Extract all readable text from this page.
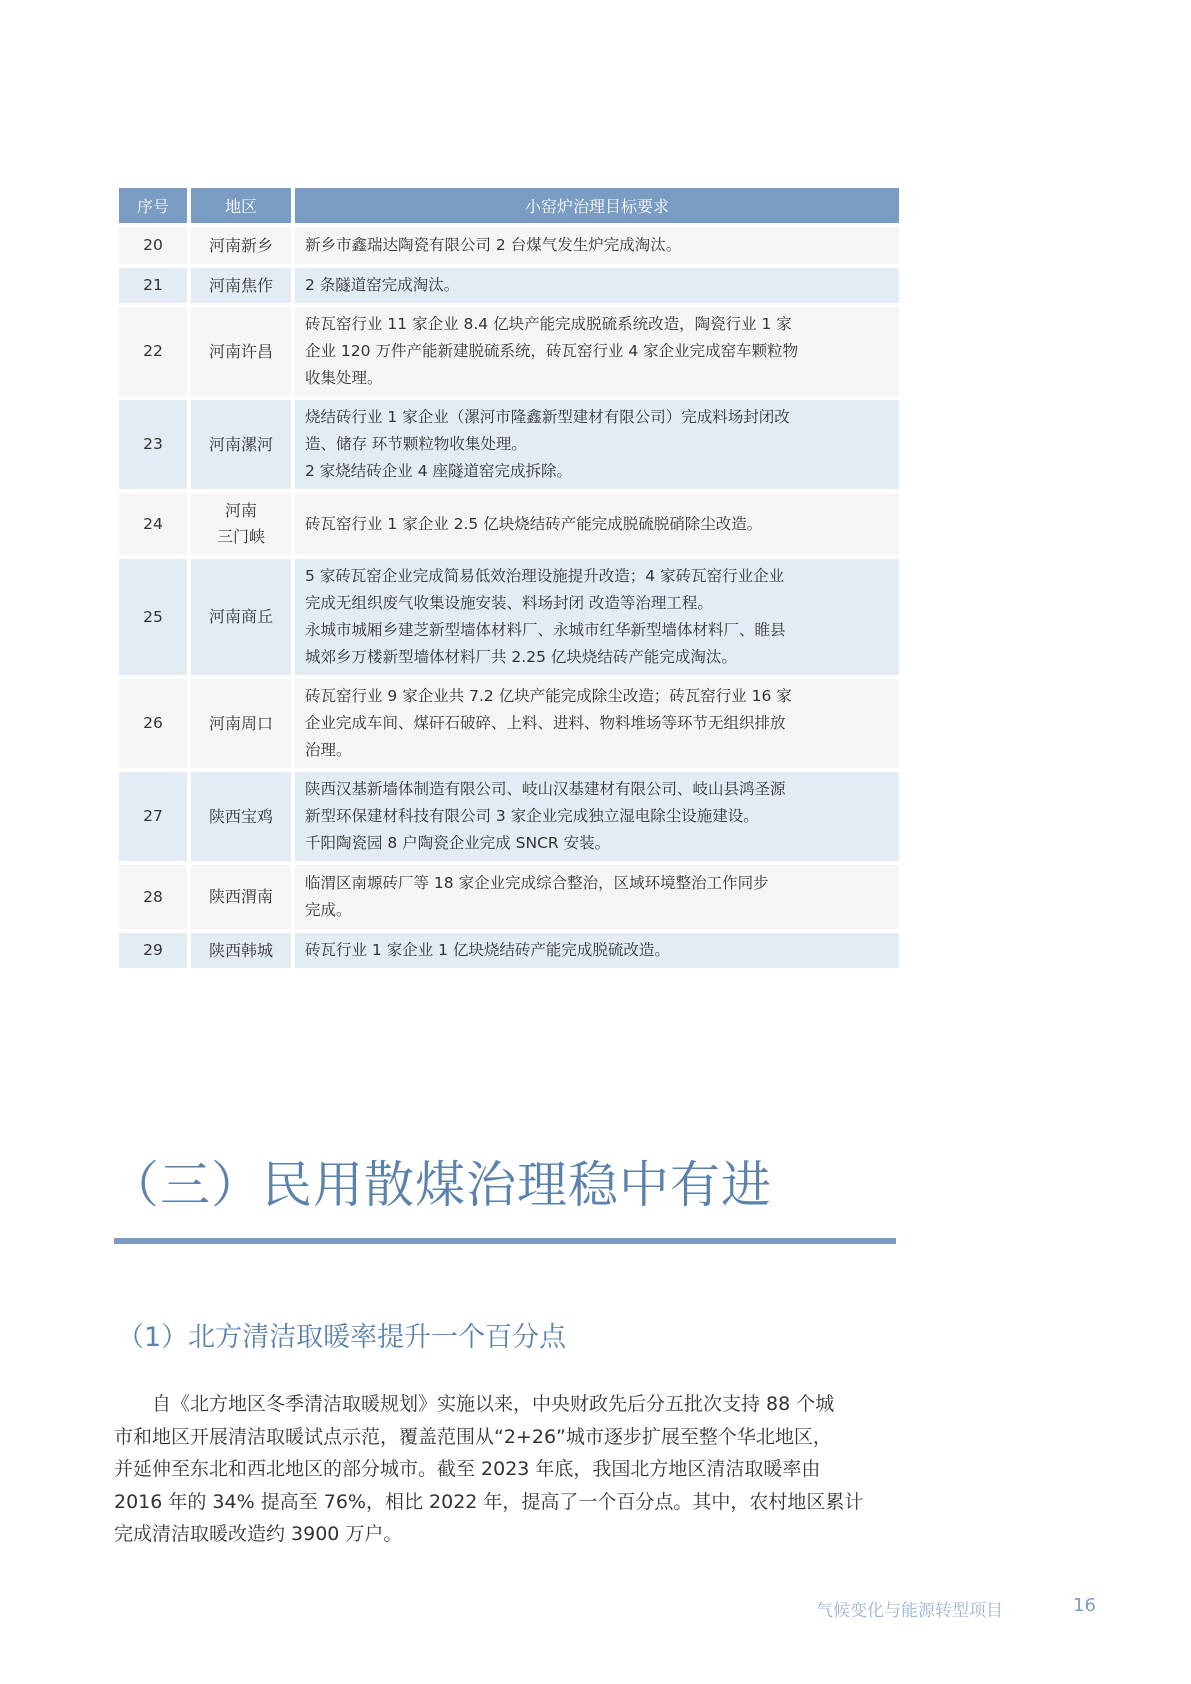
序号	地区	小窑炉治理目标要求
20	河南新乡	新乡市鑫瑞达陶瓷有限公司 2 台煤气发生炉完成淘汰。

21	河南焦作	2 条隧道窑完成淘汰。

22	河南许昌	砖瓦窑行业 11 家企业 8.4 亿块产能完成脱硫系统改造，陶瓷行业 1 家
企业 120 万件产能新建脱硫系统，砖瓦窑行业 4 家企业完成窑车颗粒物
收集处理。

23	河南漯河	烧结砖行业 1 家企业（漯河市隆鑫新型建材有限公司）完成料场封闭改
造、储存 环节颗粒物收集处理。
2 家烧结砖企业 4 座隧道窑完成拆除。

24	河南
三门峡	砖瓦窑行业 1 家企业 2.5 亿块烧结砖产能完成脱硫脱硝除尘改造。

25	河南商丘	5 家砖瓦窑企业完成简易低效治理设施提升改造；4 家砖瓦窑行业企业
完成无组织废气收集设施安装、料场封闭 改造等治理工程。
永城市城厢乡建芝新型墙体材料厂、永城市红华新型墙体材料厂、睢县
城郊乡万楼新型墙体材料厂共 2.25 亿块烧结砖产能完成淘汰。

26	河南周口	砖瓦窑行业 9 家企业共 7.2 亿块产能完成除尘改造；砖瓦窑行业 16 家
企业完成车间、煤矸石破碎、上料、进料、物料堆场等环节无组织排放
治理。

27	陕西宝鸡	陕西汉基新墙体制造有限公司、岐山汉基建材有限公司、岐山县鸿圣源
新型环保建材科技有限公司 3 家企业完成独立湿电除尘设施建设。
千阳陶瓷园 8 户陶瓷企业完成 SNCR 安装。

28	陕西渭南	临渭区南塬砖厂等 18 家企业完成综合整治，区域环境整治工作同步
完成。

29	陕西韩城	砖瓦行业 1 家企业 1 亿块烧结砖产能完成脱硫改造。
（三）民用散煤治理稳中有进
（1）北方清洁取暖率提升一个百分点
　　自《北方地区冬季清洁取暖规划》实施以来，中央财政先后分五批次支持 88 个城
市和地区开展清洁取暖试点示范，覆盖范围从“2+26”城市逐步扩展至整个华北地区，
并延伸至东北和西北地区的部分城市。截至 2023 年底，我国北方地区清洁取暖率由
2016 年的 34% 提高至 76%，相比 2022 年，提高了一个百分点。其中，农村地区累计
完成清洁取暖改造约 3900 万户。
气候变化与能源转型项目	16
